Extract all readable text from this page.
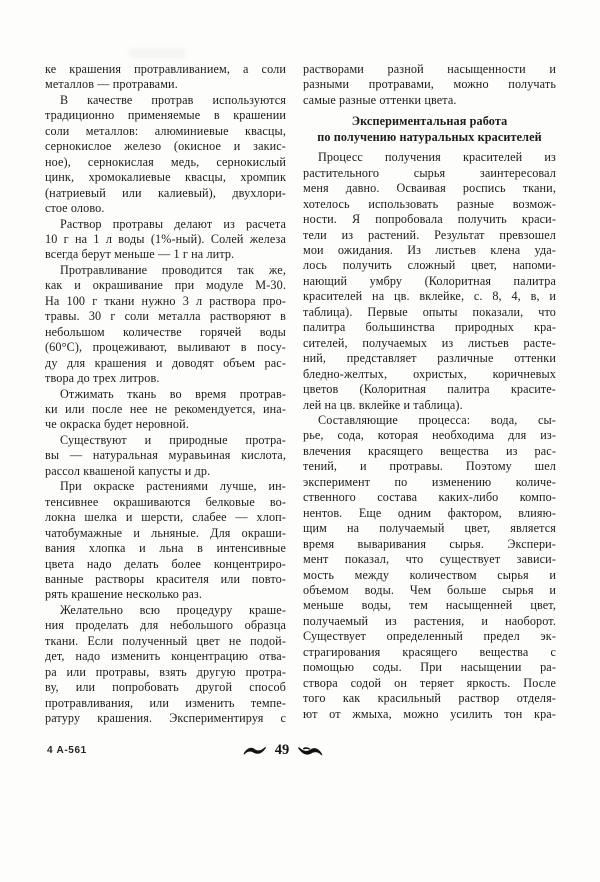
ке крашения протравливанием, а соли
металлов — протравами.
В качестве протрав используются
традиционно применяемые в крашении
соли металлов: алюминиевые квасцы,
сернокислое железо (окисное и закис-
ное), сернокислая медь, сернокислый
цинк, хромокалиевые квасцы, хромпик
(натриевый или калиевый), двухлори-
стое олово.
Раствор протравы делают из расчета
10 г на 1 л воды (1%-ный). Солей железа
всегда берут меньше — 1 г на литр.
Протравливание проводится так же,
как и окрашивание при модуле М-30.
На 100 г ткани нужно 3 л раствора про-
травы. 30 г соли металла растворяют в
небольшом количестве горячей воды
(60°С), процеживают, выливают в посу-
ду для крашения и доводят объем рас-
твора до трех литров.
Отжимать ткань во время протрав-
ки или после нее не рекомендуется, ина-
че окраска будет неровной.
Существуют и природные протра-
вы — натуральная муравьиная кислота,
рассол квашеной капусты и др.
При окраске растениями лучше, ин-
тенсивнее окрашиваются белковые во-
локна шелка и шерсти, слабее — хлоп-
чатобумажные и льняные. Для окраши-
вания хлопка и льна в интенсивные
цвета надо делать более концентриро-
ванные растворы красителя или повто-
рять крашение несколько раз.
Желательно всю процедуру краше-
ния проделать для небольшого образца
ткани. Если полученный цвет не подой-
дет, надо изменить концентрацию отва-
ра или протравы, взять другую протра-
ву, или попробовать другой способ
протравливания, или изменить темпе-
ратуру крашения. Экспериментируя с
растворами разной насыщенности и
разными протравами, можно получать
самые разные оттенки цвета.
Экспериментальная работа
по получению натуральных красителей
Процесс получения красителей из
растительного сырья заинтересовал
меня давно. Осваивая роспись ткани,
хотелось использовать разные возмож-
ности. Я попробовала получить краси-
тели из растений. Результат превзошел
мои ожидания. Из листьев клена уда-
лось получить сложный цвет, напоми-
нающий умбру (Колоритная палитра
красителей на цв. вклейке, с. 8, 4, в, и
таблица). Первые опыты показали, что
палитра большинства природных кра-
сителей, получаемых из листьев расте-
ний, представляет различные оттенки
бледно-желтых, охристых, коричневых
цветов (Колоритная палитра красите-
лей на цв. вклейке и таблица).
Составляющие процесса: вода, сы-
рье, сода, которая необходима для из-
влечения красящего вещества из рас-
тений, и протравы. Поэтому шел
эксперимент по изменению количе-
ственного состава каких-либо компо-
нентов. Еще одним фактором, влияю-
щим на получаемый цвет, является
время вываривания сырья. Экспери-
мент показал, что существует зависи-
мость между количеством сырья и
объемом воды. Чем больше сырья и
меньше воды, тем насыщенней цвет,
получаемый из растения, и наоборот.
Существует определенный предел эк-
страгирования красящего вещества с
помощью соды. При насыщении ра-
створа содой он теряет яркость. После
того как красильный раствор отделя-
ют от жмыха, можно усилить тон кра-
4 А-561	49
